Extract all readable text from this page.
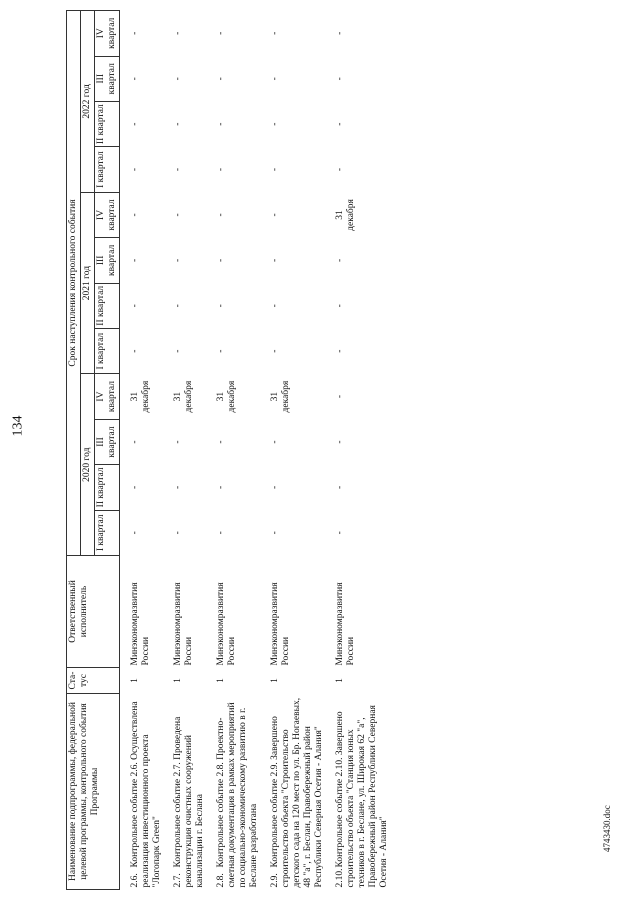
134
Наименование подпрограммы, федеральной целевой программы, контрольного события Программы	Ста- тус	Ответственный исполнитель	Срок наступления контрольного события											
			2020 год				2021 год				2022 год			
			I квартал	II квартал	III квартал	IV квартал	I квартал	II квартал	III квартал	IV квартал	I квартал	II квартал	III квартал	IV квартал
2.6.Контрольное событие 2.6. Осуществлена реализация инвестиционного проекта "Логопарк Green"	1	Минэкономразвития России	-	-	-	31 декабря	-	-	-	-	-	-	-	-
2.7.Контрольное событие 2.7. Проведена реконструкция очистных сооружений канализации г. Беслана	1	Минэкономразвития России	-	-	-	31 декабря	-	-	-	-	-	-	-	-
2.8.Контрольное событие 2.8. Проектно-сметная документация в рамках мероприятий по социально-экономическому развитию в г. Беслане разработана	1	Минэкономразвития России	-	-	-	31 декабря	-	-	-	-	-	-	-	-
2.9.Контрольное событие 2.9. Завершено строительство объекта "Строительство детского сада на 120 мест по ул. Бр. Ногаевых, 48 "а", г. Беслан, Правобережный район Республики Северная Осетия - Алания"	1	Минэкономразвития России	-	-	-	31 декабря	-	-	-	-	-	-	-	-
2.10.Контрольное событие 2.10. Завершено строительство объекта "Станция юных техников в г. Беслане, ул. Широкая 62 "а", Правобережный район Республики Северная Осетия - Алания"	1	Минэкономразвития России	-	-	-	-	-	-	-	31 декабря	-	-	-	-
4743430.doc
